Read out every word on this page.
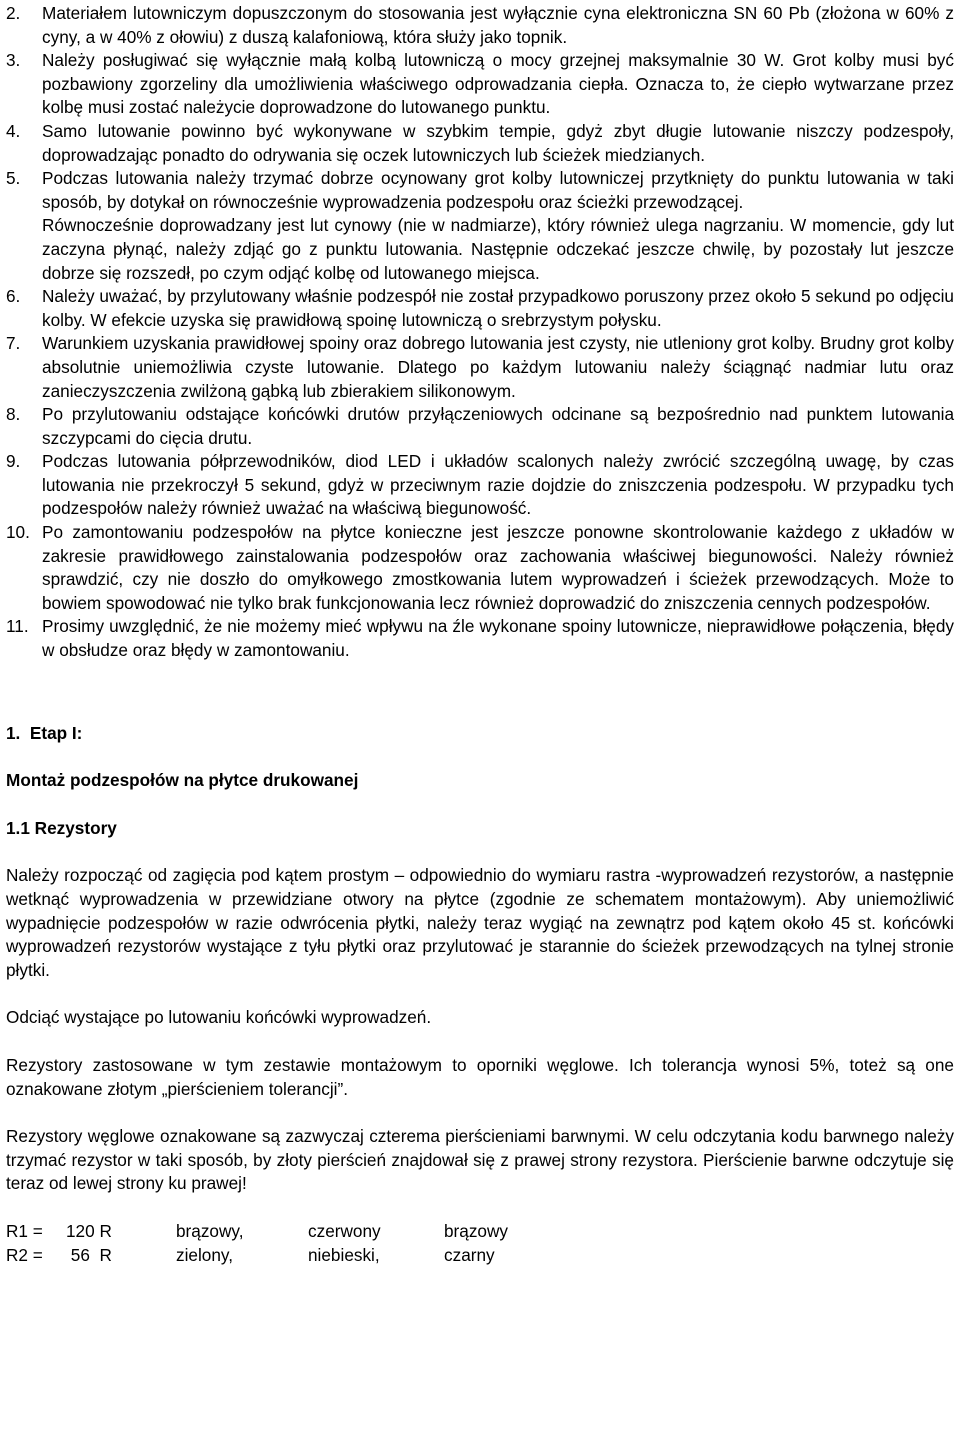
2.	Materiałem lutowniczym dopuszczonym do stosowania jest wyłącznie cyna elektroniczna SN 60 Pb (złożona w 60% z cyny, a w 40% z ołowiu) z duszą kalafoniową, która służy jako topnik.

3.	Należy posługiwać się wyłącznie małą kolbą lutowniczą o mocy grzejnej maksymalnie 30 W. Grot kolby musi być pozbawiony zgorzeliny dla umożliwienia właściwego odprowadzania ciepła. Oznacza to, że ciepło wytwarzane przez kolbę musi zostać należycie doprowadzone do lutowanego punktu.

4.	Samo lutowanie powinno być wykonywane w szybkim tempie, gdyż zbyt długie lutowanie niszczy podzespoły, doprowadzając ponadto do odrywania się oczek lutowniczych lub ścieżek miedzianych.

5.	Podczas lutowania należy trzymać dobrze ocynowany grot kolby lutowniczej przytknięty do punktu lutowania w taki sposób, by dotykał on równocześnie wyprowadzenia podzespołu oraz ścieżki przewodzącej.

Równocześnie doprowadzany jest lut cynowy (nie w nadmiarze), który również ulega nagrzaniu. W momencie, gdy lut zaczyna płynąć, należy zdjąć go z punktu lutowania. Następnie odczekać jeszcze chwilę, by pozostały lut jeszcze dobrze się rozszedł, po czym odjąć kolbę od lutowanego miejsca.

6.	Należy uważać, by przylutowany właśnie podzespół nie został przypadkowo poruszony przez około 5 sekund po odjęciu kolby. W efekcie uzyska się prawidłową spoinę lutowniczą o srebrzystym połysku.

7.	Warunkiem uzyskania prawidłowej spoiny oraz dobrego lutowania jest czysty, nie utleniony grot kolby. Brudny grot kolby absolutnie uniemożliwia czyste lutowanie. Dlatego po każdym lutowaniu należy ściągnąć nadmiar lutu oraz zanieczyszczenia zwilżoną gąbką lub zbierakiem silikonowym.

8.	Po przylutowaniu odstające końcówki drutów przyłączeniowych odcinane są bezpośrednio nad punktem lutowania szczypcami do cięcia drutu.

9.	Podczas lutowania półprzewodników, diod LED i układów scalonych należy zwrócić szczególną uwagę, by czas lutowania nie przekroczył 5 sekund, gdyż w przeciwnym razie dojdzie do zniszczenia podzespołu. W przypadku tych podzespołów należy również uważać na właściwą biegunowość.

10. Po zamontowaniu podzespołów na płytce konieczne jest jeszcze ponowne skontrolowanie każdego z układów w zakresie prawidłowego zainstalowania podzespołów oraz zachowania właściwej biegunowości. Należy również sprawdzić, czy nie doszło do omyłkowego zmostkowania lutem wyprowadzeń i ścieżek przewodzących. Może to bowiem spowodować nie tylko brak funkcjonowania lecz również doprowadzić do zniszczenia cennych podzespołów.

11. Prosimy uwzględnić, że nie możemy mieć wpływu na źle wykonane spoiny lutownicze, nieprawidłowe połączenia, błędy w obsłudze oraz błędy w zamontowaniu.

1.  Etap I:

Montaż podzespołów na płytce drukowanej

1.1 Rezystory

Należy rozpocząć od zagięcia pod kątem prostym – odpowiednio do wymiaru rastra -wyprowadzeń rezystorów, a następnie wetknąć wyprowadzenia w przewidziane otwory na płytce (zgodnie ze schematem montażowym). Aby uniemożliwić wypadnięcie podzespołów w razie odwrócenia płytki, należy teraz wygiąć na zewnątrz pod kątem około 45 st. końcówki wyprowadzeń rezystorów wystające z tyłu płytki oraz przylutować je starannie do ścieżek przewodzących na tylnej stronie płytki.

Odciąć wystające po lutowaniu końcówki wyprowadzeń.

Rezystory zastosowane w tym zestawie montażowym to oporniki węglowe. Ich tolerancja wynosi 5%, toteż są one oznakowane złotym „pierścieniem tolerancji”.

Rezystory węglowe oznakowane są zazwyczaj czterema pierścieniami barwnymi. W celu odczytania kodu barwnego należy trzymać rezystor w taki sposób, by złoty pierścień znajdował się z prawej strony rezystora. Pierścienie barwne odczytuje się teraz od lewej strony ku prawej!

R1 =	120 R	brązowy,	czerwony	brązowy
R2 =	56  R	zielony,	niebieski,	czarny
